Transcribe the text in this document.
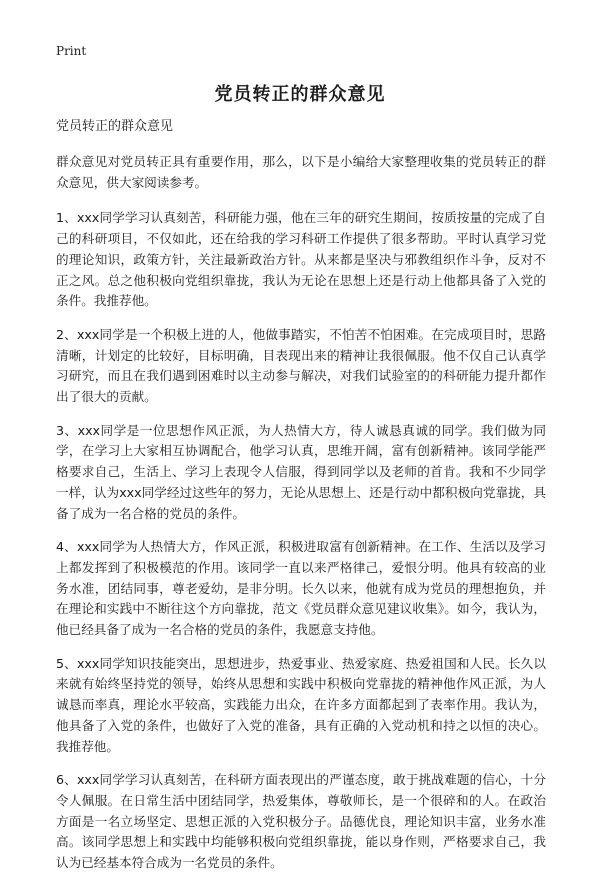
Print
党员转正的群众意见
党员转正的群众意见

群众意见对党员转正具有重要作用，那么，以下是小编给大家整理收集的党员转正的群众意见，供大家阅读参考。

1、xxx同学学习认真刻苦，科研能力强，他在三年的研究生期间，按质按量的完成了自己的科研项目，不仅如此，还在给我的学习科研工作提供了很多帮助。平时认真学习党的理论知识，政策方针，关注最新政治方针。从来都是坚决与邪教组织作斗争，反对不正之风。总之他积极向党组织靠拢，我认为无论在思想上还是行动上他都具备了入党的条件。我推荐他。

2、xxx同学是一个积极上进的人，他做事踏实，不怕苦不怕困难。在完成项目时，思路清晰，计划定的比较好，目标明确，目表现出来的精神让我很佩服。他不仅自己认真学习研究，而且在我们遇到困难时以主动参与解决，对我们试验室的的科研能力提升都作出了很大的贡献。

3、xxx同学是一位思想作风正派，为人热情大方，待人诚恳真诚的同学。我们做为同学，在学习上大家相互协调配合，他学习认真，思维开阔，富有创新精神。该同学能严格要求自己，生活上、学习上表现令人信服，得到同学以及老师的首肯。我和不少同学一样，认为xxx同学经过这些年的努力，无论从思想上、还是行动中都积极向党靠拢，具备了成为一名合格的党员的条件。

4、xxx同学为人热情大方，作风正派，积极进取富有创新精神。在工作、生活以及学习上都发挥到了积极模范的作用。该同学一直以来严格律己，爱恨分明。他具有较高的业务水准，团结同事，尊老爱幼，是非分明。长久以来，他就有成为党员的理想抱负，并在理论和实践中不断往这个方向靠拢，范文《党员群众意见建议收集》。如今，我认为，他已经具备了成为一名合格的党员的条件，我愿意支持他。

5、xxx同学知识技能突出，思想进步，热爱事业、热爱家庭、热爱祖国和人民。长久以来就有始终坚持党的领导，始终从思想和实践中积极向党靠拢的精神他作风正派，为人诚恳而率真，理论水平较高，实践能力出众，在许多方面都起到了表率作用。我认为，他具备了入党的条件，也做好了入党的准备，具有正确的入党动机和持之以恒的决心。我推荐他。

6、xxx同学学习认真刻苦，在科研方面表现出的严谨态度，敢于挑战难题的信心，十分令人佩服。在日常生活中团结同学，热爱集体，尊敬师长，是一个很碎和的人。在政治方面是一名立场坚定、思想正派的入党积极分子。品德优良，理论知识丰富，业务水准高。该同学思想上和实践中均能够积极向党组织靠拢，能以身作则，严格要求自己，我认为已经基本符合成为一名党员的条件。
